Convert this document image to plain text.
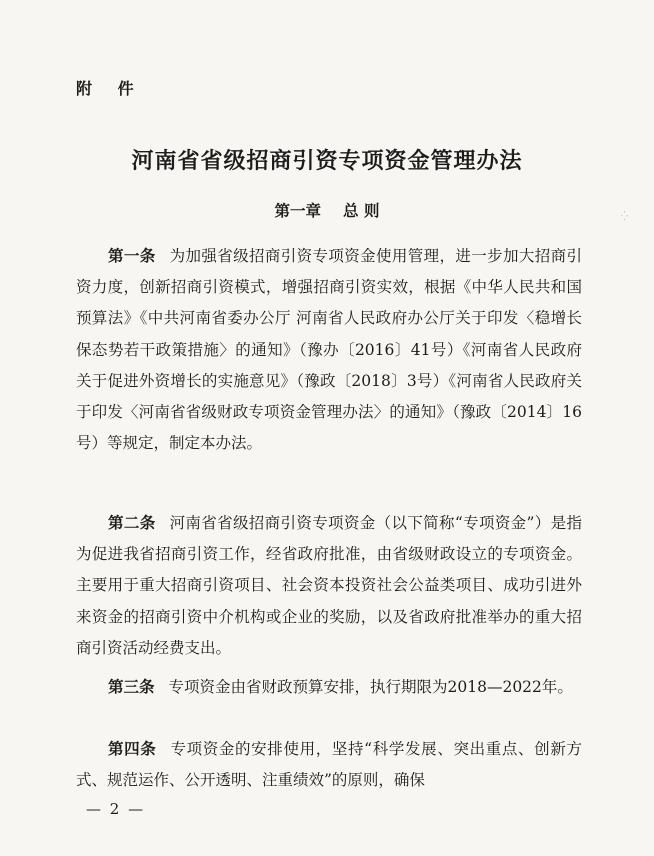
附 件
河南省省级招商引资专项资金管理办法
第一章 总 则

第一条 为加强省级招商引资专项资金使用管理，进一步加大招商引资力度，创新招商引资模式，增强招商引资实效，根据《中华人民共和国预算法》《中共河南省委办公厅 河南省人民政府办公厅关于印发〈稳增长保态势若干政策措施〉的通知》（豫办〔2016〕41号）《河南省人民政府关于促进外资增长的实施意见》（豫政〔2018〕3号）《河南省人民政府关于印发〈河南省省级财政专项资金管理办法〉的通知》（豫政〔2014〕16号）等规定，制定本办法。

第二条 河南省省级招商引资专项资金（以下简称“专项资金”）是指为促进我省招商引资工作，经省政府批准，由省级财政设立的专项资金。主要用于重大招商引资项目、社会资本投资社会公益类项目、成功引进外来资金的招商引资中介机构或企业的奖励，以及省政府批准举办的重大招商引资活动经费支出。

第三条 专项资金由省财政预算安排，执行期限为2018—2022年。

第四条 专项资金的安排使用，坚持“科学发展、突出重点、创新方式、规范运作、公开透明、注重绩效”的原则，确保

— 2 —
⁛
